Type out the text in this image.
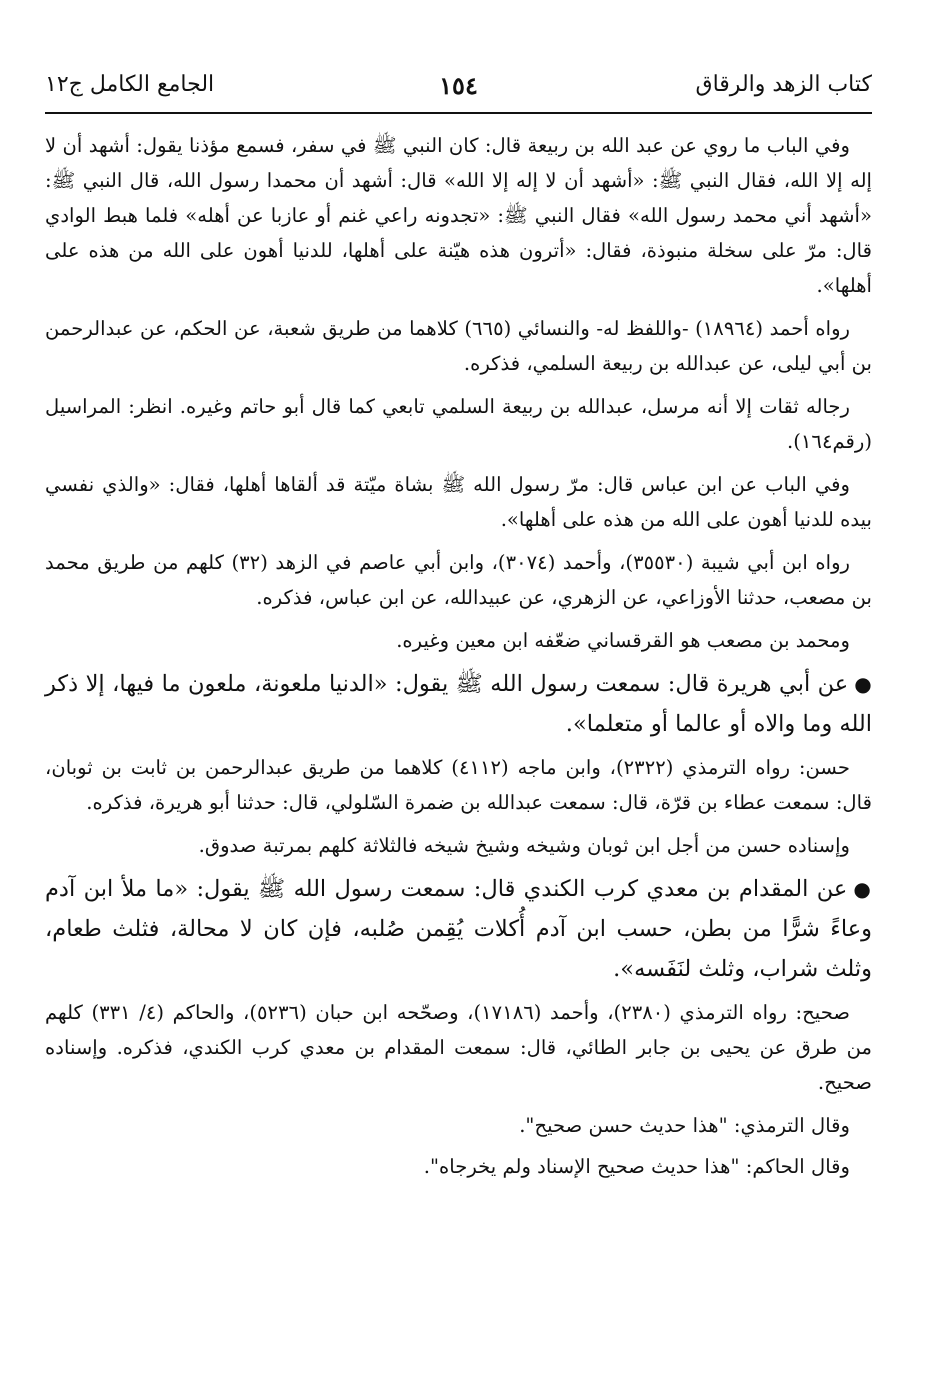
كتاب الزهد والرقاق
١٥٤
الجامع الكامل ج١٢

وفي الباب ما روي عن عبد الله بن ربيعة قال: كان النبي ﷺ في سفر، فسمع مؤذنا يقول: أشهد أن لا إله إلا الله، فقال النبي ﷺ: «أشهد أن لا إله إلا الله» قال: أشهد أن محمدا رسول الله، قال النبي ﷺ: «أشهد أني محمد رسول الله» فقال النبي ﷺ: «تجدونه راعي غنم أو عازبا عن أهله» فلما هبط الوادي قال: مرّ على سخلة منبوذة، فقال: «أترون هذه هيّنة على أهلها، للدنيا أهون على الله من هذه على أهلها».

رواه أحمد (١٨٩٦٤) -واللفظ له- والنسائي (٦٦٥) كلاهما من طريق شعبة، عن الحكم، عن عبدالرحمن بن أبي ليلى، عن عبدالله بن ربيعة السلمي، فذكره.

رجاله ثقات إلا أنه مرسل، عبدالله بن ربيعة السلمي تابعي كما قال أبو حاتم وغيره. انظر: المراسيل (رقم١٦٤).

وفي الباب عن ابن عباس قال: مرّ رسول الله ﷺ بشاة ميّتة قد ألقاها أهلها، فقال: «والذي نفسي بيده للدنيا أهون على الله من هذه على أهلها».

رواه ابن أبي شيبة (٣٥٥٣٠)، وأحمد (٣٠٧٤)، وابن أبي عاصم في الزهد (٣٢) كلهم من طريق محمد بن مصعب، حدثنا الأوزاعي، عن الزهري، عن عبيدالله، عن ابن عباس، فذكره.

ومحمد بن مصعب هو القرقساني ضعّفه ابن معين وغيره.

●عن أبي هريرة قال: سمعت رسول الله ﷺ يقول: «الدنيا ملعونة، ملعون ما فيها، إلا ذكر الله وما والاه أو عالما أو متعلما».

حسن: رواه الترمذي (٢٣٢٢)، وابن ماجه (٤١١٢) كلاهما من طريق عبدالرحمن بن ثابت بن ثوبان، قال: سمعت عطاء بن قرّة، قال: سمعت عبدالله بن ضمرة السّلولي، قال: حدثنا أبو هريرة، فذكره.

وإسناده حسن من أجل ابن ثوبان وشيخه وشيخ شيخه فالثلاثة كلهم بمرتبة صدوق.

●عن المقدام بن معدي كرب الكندي قال: سمعت رسول الله ﷺ يقول: «ما ملأ ابن آدم وعاءً شرًّا من بطن، حسب ابن آدم أُكلات يُقِمن صُلبه، فإن كان لا محالة، فثلث طعام، وثلث شراب، وثلث لنَفَسه».

صحيح: رواه الترمذي (٢٣٨٠)، وأحمد (١٧١٨٦)، وصحّحه ابن حبان (٥٢٣٦)، والحاكم (٤/ ٣٣١) كلهم من طرق عن يحيى بن جابر الطائي، قال: سمعت المقدام بن معدي كرب الكندي، فذكره. وإسناده صحيح.

وقال الترمذي: "هذا حديث حسن صحيح".

وقال الحاكم: "هذا حديث صحيح الإسناد ولم يخرجاه".
